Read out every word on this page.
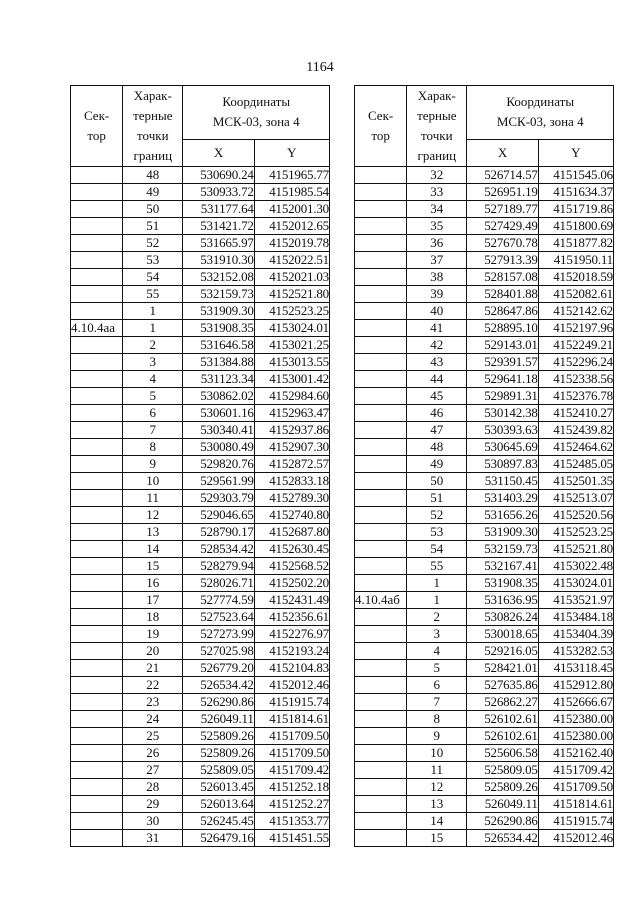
1164
Сек-
тор	Харак-
терные
точки
границ	Координаты
МСК-03, зона 4	

		X	Y
	48	530690.24	4151965.77
	49	530933.72	4151985.54
	50	531177.64	4152001.30
	51	531421.72	4152012.65
	52	531665.97	4152019.78
	53	531910.30	4152022.51
	54	532152.08	4152021.03
	55	532159.73	4152521.80
	1	531909.30	4152523.25
4.10.4аа	1	531908.35	4153024.01
	2	531646.58	4153021.25
	3	531384.88	4153013.55
	4	531123.34	4153001.42
	5	530862.02	4152984.60
	6	530601.16	4152963.47
	7	530340.41	4152937.86
	8	530080.49	4152907.30
	9	529820.76	4152872.57
	10	529561.99	4152833.18
	11	529303.79	4152789.30
	12	529046.65	4152740.80
	13	528790.17	4152687.80
	14	528534.42	4152630.45
	15	528279.94	4152568.52
	16	528026.71	4152502.20
	17	527774.59	4152431.49
	18	527523.64	4152356.61
	19	527273.99	4152276.97
	20	527025.98	4152193.24
	21	526779.20	4152104.83
	22	526534.42	4152012.46
	23	526290.86	4151915.74
	24	526049.11	4151814.61
	25	525809.26	4151709.50
	26	525809.26	4151709.50
	27	525809.05	4151709.42
	28	526013.45	4151252.18
	29	526013.64	4151252.27
	30	526245.45	4151353.77
	31	526479.16	4151451.55
Сек-
тор	Харак-
терные
точки
границ	Координаты
МСК-03, зона 4	

		X	Y
	32	526714.57	4151545.06
	33	526951.19	4151634.37
	34	527189.77	4151719.86
	35	527429.49	4151800.69
	36	527670.78	4151877.82
	37	527913.39	4151950.11
	38	528157.08	4152018.59
	39	528401.88	4152082.61
	40	528647.86	4152142.62
	41	528895.10	4152197.96
	42	529143.01	4152249.21
	43	529391.57	4152296.24
	44	529641.18	4152338.56
	45	529891.31	4152376.78
	46	530142.38	4152410.27
	47	530393.63	4152439.82
	48	530645.69	4152464.62
	49	530897.83	4152485.05
	50	531150.45	4152501.35
	51	531403.29	4152513.07
	52	531656.26	4152520.56
	53	531909.30	4152523.25
	54	532159.73	4152521.80
	55	532167.41	4153022.48
	1	531908.35	4153024.01
4.10.4аб	1	531636.95	4153521.97
	2	530826.24	4153484.18
	3	530018.65	4153404.39
	4	529216.05	4153282.53
	5	528421.01	4153118.45
	6	527635.86	4152912.80
	7	526862.27	4152666.67
	8	526102.61	4152380.00
	9	526102.61	4152380.00
	10	525606.58	4152162.40
	11	525809.05	4151709.42
	12	525809.26	4151709.50
	13	526049.11	4151814.61
	14	526290.86	4151915.74
	15	526534.42	4152012.46
